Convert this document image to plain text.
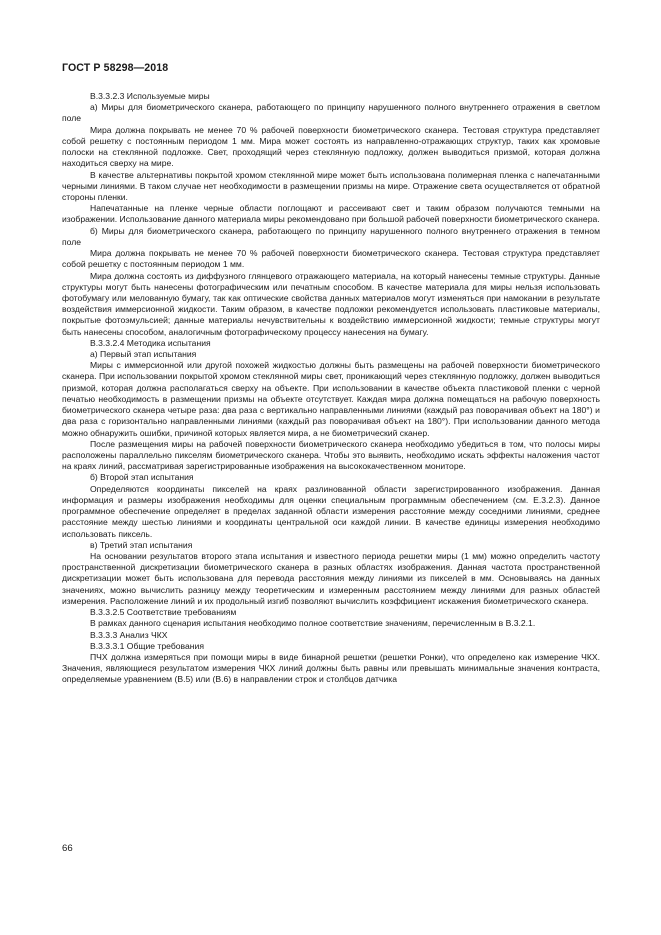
ГОСТ Р 58298—2018

В.3.3.2.3 Используемые миры

а) Миры для биометрического сканера, работающего по принципу нарушенного полного внутреннего отражения в светлом поле

Мира должна покрывать не менее 70 % рабочей поверхности биометрического сканера. Тестовая структура представляет собой решетку с постоянным периодом 1 мм. Мира может состоять из направленно-отражающих структур, таких как хромовые полоски на стеклянной подложке. Свет, проходящий через стеклянную подложку, должен выводиться призмой, которая должна находиться сверху на мире.

В качестве альтернативы покрытой хромом стеклянной мире может быть использована полимерная пленка с напечатанными черными линиями. В таком случае нет необходимости в размещении призмы на мире. Отражение света осуществляется от обратной стороны пленки.

Напечатанные на пленке черные области поглощают и рассеивают свет и таким образом получаются темными на изображении. Использование данного материала миры рекомендовано при большой рабочей поверхности биометрического сканера.

б) Миры для биометрического сканера, работающего по принципу нарушенного полного внутреннего отражения в темном поле

Мира должна покрывать не менее 70 % рабочей поверхности биометрического сканера. Тестовая структура представляет собой решетку с постоянным периодом 1 мм.

Мира должна состоять из диффузного глянцевого отражающего материала, на который нанесены темные структуры. Данные структуры могут быть нанесены фотографическим или печатным способом. В качестве материала для миры нельзя использовать фотобумагу или мелованную бумагу, так как оптические свойства данных материалов могут изменяться при намокании в результате воздействия иммерсионной жидкости. Таким образом, в качестве подложки рекомендуется использовать пластиковые материалы, покрытые фотоэмульсией; данные материалы нечувствительны к воздействию иммерсионной жидкости; темные структуры могут быть нанесены способом, аналогичным фотографическому процессу нанесения на бумагу.

В.3.3.2.4 Методика испытания

а) Первый этап испытания

Миры с иммерсионной или другой похожей жидкостью должны быть размещены на рабочей поверхности биометрического сканера. При использовании покрытой хромом стеклянной миры свет, проникающий через стеклянную подложку, должен выводиться призмой, которая должна располагаться сверху на объекте. При использовании в качестве объекта пластиковой пленки с черной печатью необходимость в размещении призмы на объекте отсутствует. Каждая мира должна помещаться на рабочую поверхность биометрического сканера четыре раза: два раза с вертикально направленными линиями (каждый раз поворачивая объект на 180°) и два раза с горизонтально направленными линиями (каждый раз поворачивая объект на 180°). При использовании данного метода можно обнаружить ошибки, причиной которых является мира, а не биометрический сканер.

После размещения миры на рабочей поверхности биометрического сканера необходимо убедиться в том, что полосы миры расположены параллельно пикселям биометрического сканера. Чтобы это выявить, необходимо искать эффекты наложения частот на краях линий, рассматривая зарегистрированные изображения на высококачественном мониторе.

б) Второй этап испытания

Определяются координаты пикселей на краях разлинованной области зарегистрированного изображения. Данная информация и размеры изображения необходимы для оценки специальным программным обеспечением (см. Е.3.2.3). Данное программное обеспечение определяет в пределах заданной области измерения расстояние между соседними линиями, среднее расстояние между шестью линиями и координаты центральной оси каждой линии. В качестве единицы измерения необходимо использовать пиксель.

в) Третий этап испытания

На основании результатов второго этапа испытания и известного периода решетки миры (1 мм) можно определить частоту пространственной дискретизации биометрического сканера в разных областях изображения. Данная частота пространственной дискретизации может быть использована для перевода расстояния между линиями из пикселей в мм. Основываясь на данных значениях, можно вычислить разницу между теоретическим и измеренным расстоянием между линиями для разных областей измерения. Расположение линий и их продольный изгиб позволяют вычислить коэффициент искажения биометрического сканера.

В.3.3.2.5 Соответствие требованиям

В рамках данного сценария испытания необходимо полное соответствие значениям, перечисленным в В.3.2.1.

В.3.3.3 Анализ ЧКХ

В.3.3.3.1 Общие требования

ПЧХ должна измеряться при помощи миры в виде бинарной решетки (решетки Ронки), что определено как измерение ЧКХ. Значения, являющиеся результатом измерения ЧКХ линий должны быть равны или превышать минимальные значения контраста, определяемые уравнением (В.5) или (В.6) в направлении строк и столбцов датчика

66
